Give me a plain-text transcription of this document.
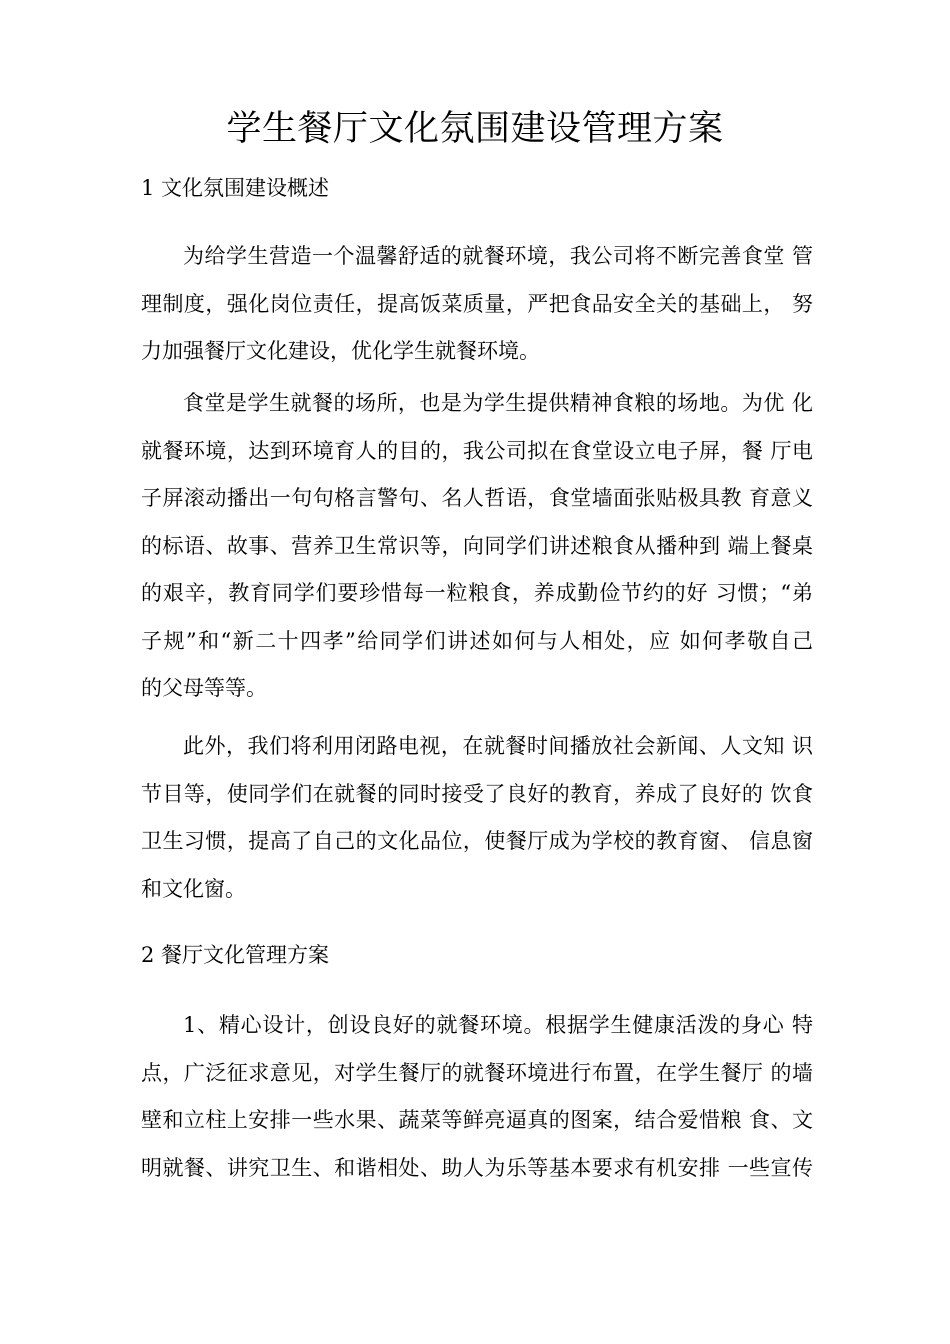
学生餐厅文化氛围建设管理方案
1 文化氛围建设概述

为给学生营造一个温馨舒适的就餐环境，我公司将不断完善食堂 管
理制度，强化岗位责任，提高饭菜质量，严把食品安全关的基础上， 努
力加强餐厅文化建设，优化学生就餐环境。

食堂是学生就餐的场所，也是为学生提供精神食粮的场地。为优 化
就餐环境，达到环境育人的目的，我公司拟在食堂设立电子屏，餐 厅电
子屏滚动播出一句句格言警句、名人哲语，食堂墙面张贴极具教 育意义
的标语、故事、营养卫生常识等，向同学们讲述粮食从播种到 端上餐桌
的艰辛，教育同学们要珍惜每一粒粮食，养成勤俭节约的好 习惯；“弟
子规”和“新二十四孝”给同学们讲述如何与人相处，应 如何孝敬自己
的父母等等。

此外，我们将利用闭路电视，在就餐时间播放社会新闻、人文知 识
节目等，使同学们在就餐的同时接受了良好的教育，养成了良好的 饮食
卫生习惯，提高了自己的文化品位，使餐厅成为学校的教育窗、 信息窗
和文化窗。

2 餐厅文化管理方案

1、精心设计，创设良好的就餐环境。根据学生健康活泼的身心 特
点，广泛征求意见，对学生餐厅的就餐环境进行布置，在学生餐厅 的墙
壁和立柱上安排一些水果、蔬菜等鲜亮逼真的图案，结合爱惜粮 食、文
明就餐、讲究卫生、和谐相处、助人为乐等基本要求有机安排 一些宣传
